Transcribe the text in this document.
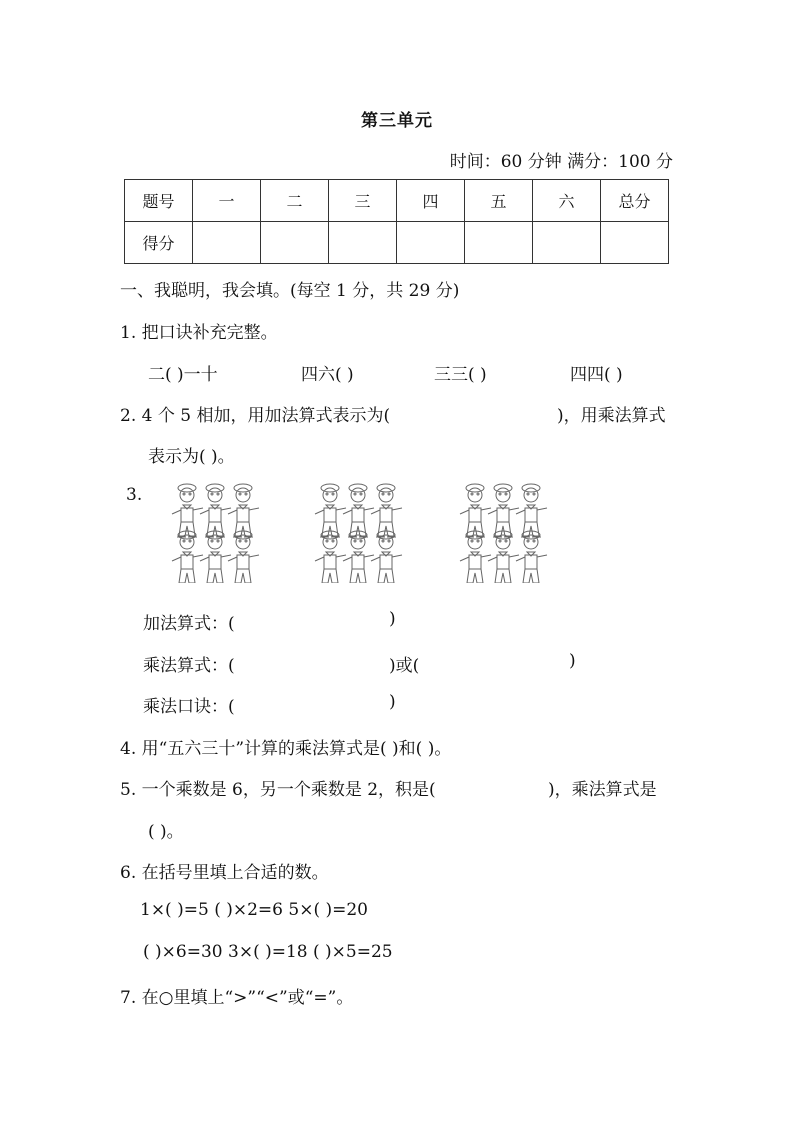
第三单元
时间：60 分钟 满分：100 分
题号	一	二	三	四	五	六	总分
得分							
一、我聪明，我会填。(每空 1 分，共 29 分)
1. 把口诀补充完整。
二( )一十	四六( )	三三( )	四四( )
2. 4 个 5 相加，用加法算式表示为(	)，用乘法算式
表示为( )。
3.
加法算式：(	)
乘法算式：(	)或(	)
乘法口诀：(	)
4. 用“五六三十”计算的乘法算式是( )和( )。
5. 一个乘数是 6，另一个乘数是 2，积是(	)，乘法算式是
( )。
6. 在括号里填上合适的数。
1×( )=5 ( )×2=6 5×( )=20
( )×6=30 3×( )=18 ( )×5=25
7. 在○里填上“>”“<”或“=”。
